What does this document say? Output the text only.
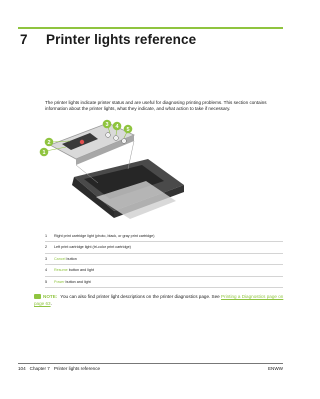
7 Printer lights reference
The printer lights indicate printer status and are useful for diagnosing printing problems. This section contains information about the printer lights, what they indicate, and what action to take if necessary.
1
2
3 4 5
1	Right print cartridge light (photo, black, or gray print cartridge)
2	Left print cartridge light (tri-color print cartridge)
3	Cancel button
4	Resume button and light
5	Power button and light
NOTE: You can also find printer light descriptions on the printer diagnostics page. See Printing a Diagnostics page on page 63.
104 Chapter 7 Printer lights reference	ENWW
